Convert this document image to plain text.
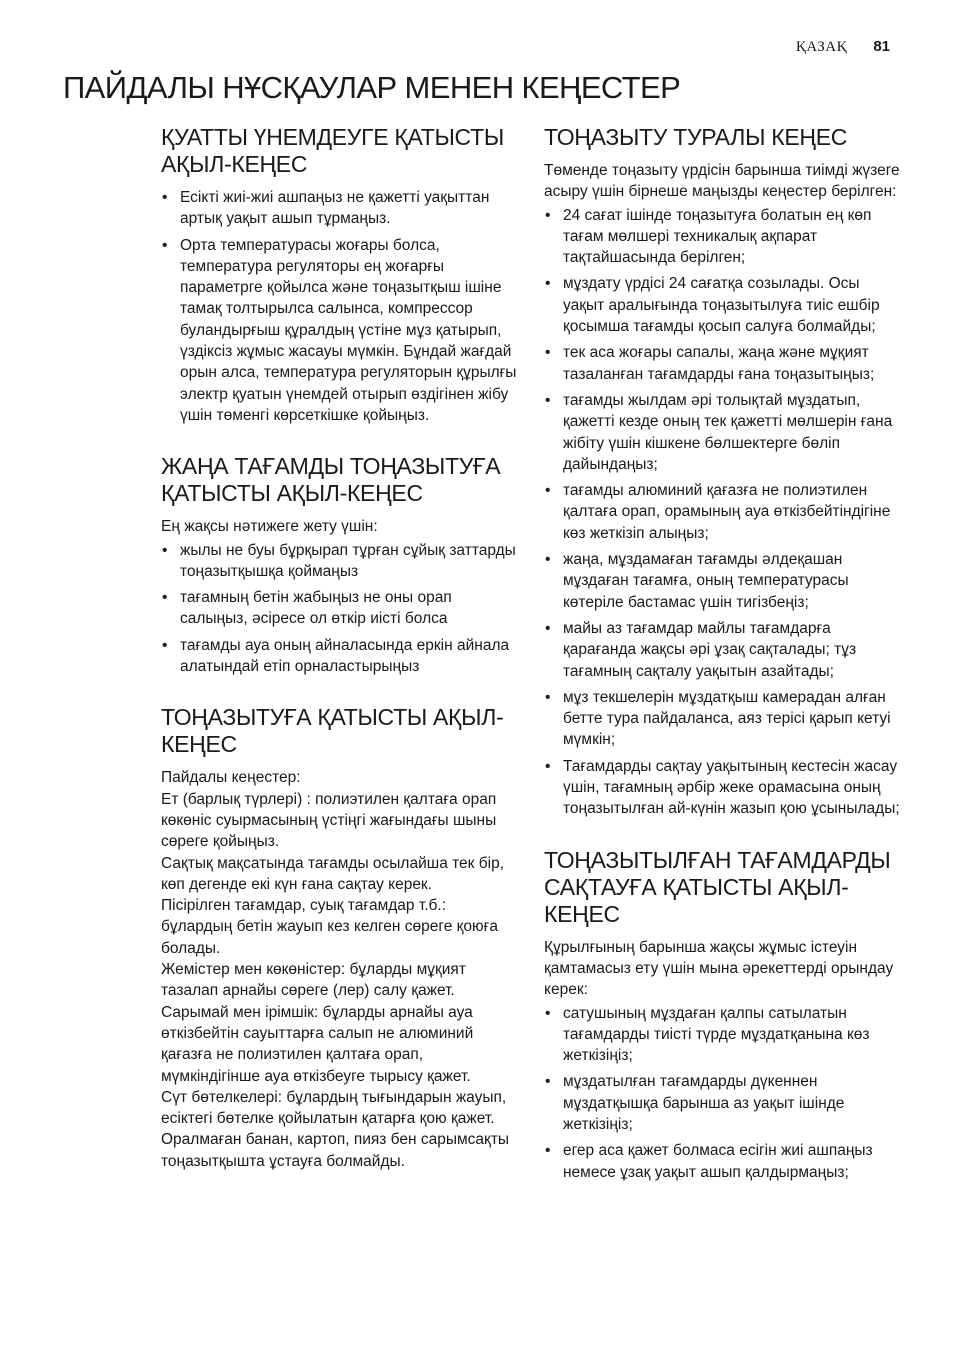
ҚАЗАҚ 81
ПАЙДАЛЫ НҰСҚАУЛАР МЕНЕН КЕҢЕСТЕР
ҚУАТТЫ ҮНЕМДЕУГЕ ҚАТЫСТЫ АҚЫЛ-КЕҢЕС
• Есікті жиі-жиі ашпаңыз не қажетті уақыттан артық уақыт ашып тұрмаңыз.
• Орта температурасы жоғары болса, температура регуляторы ең жоғарғы параметрге қойылса және тоңазытқыш ішіне тамақ толтырылса салынса, компрессор буландырғыш құралдың үстіне мұз қатырып, үздіксіз жұмыс жасауы мүмкін. Бұндай жағдай орын алса, температура регуляторын құрылғы электр қуатын үнемдей отырып өздігінен жібу үшін төменгі көрсеткішке қойыңыз.
ЖАҢА ТАҒАМДЫ ТОҢАЗЫТУҒА ҚАТЫСТЫ АҚЫЛ-КЕҢЕС

Ең жақсы нәтижеге жету үшін:

• жылы не буы бұрқырап тұрған сұйық заттарды тоңазытқышқа қоймаңыз
• тағамның бетін жабыңыз не оны орап салыңыз, әсіресе ол өткір иісті болса
• тағамды ауа оның айналасында еркін айнала алатындай етіп орналастырыңыз
ТОҢАЗЫТУҒА ҚАТЫСТЫ АҚЫЛ-КЕҢЕС

Пайдалы кеңестер:

Ет (барлық түрлері) : полиэтилен қалтаға орап көкөніс суырмасының үстіңгі жағындағы шыны сөреге қойыңыз.

Сақтық мақсатында тағамды осылайша тек бір, көп дегенде екі күн ғана сақтау керек.

Пісірілген тағамдар, суық тағамдар т.б.: бұлардың бетін жауып кез келген сөреге қоюға болады.

Жемістер мен көкөністер: бұларды мұқият тазалап арнайы сөреге (лер) салу қажет.

Сарымай мен ірімшік: бұларды арнайы ауа өткізбейтін сауыттарға салып не алюминий қағазға не полиэтилен қалтаға орап, мүмкіндігінше ауа өткізбеуге тырысу қажет.

Сүт бөтелкелері: бұлардың тығындарын жауып, есіктегі бөтелке қойылатын қатарға қою қажет.

Оралмаған банан, картоп, пияз бен сарымсақты тоңазытқышта ұстауға болмайды.

ТОҢАЗЫТУ ТУРАЛЫ КЕҢЕС

Төменде тоңазыту үрдісін барынша тиімді жүзеге асыру үшін бірнеше маңызды кеңестер берілген:

• 24 сағат ішінде тоңазытуға болатын ең көп тағам мөлшері техникалық ақпарат тақтайшасында берілген;
• мұздату үрдісі 24 сағатқа созылады. Осы уақыт аралығында тоңазытылуға тиіс ешбір қосымша тағамды қосып салуға болмайды;
• тек аса жоғары сапалы, жаңа және мұқият тазаланған тағамдарды ғана тоңазытыңыз;
• тағамды жылдам әрі толықтай мұздатып, қажетті кезде оның тек қажетті мөлшерін ғана жібіту үшін кішкене бөлшектерге бөліп дайындаңыз;
• тағамды алюминий қағазға не полиэтилен қалтаға орап, орамының ауа өткізбейтіндігіне көз жеткізіп алыңыз;
• жаңа, мұздамаған тағамды әлдеқашан мұздаған тағамға, оның температурасы көтеріле бастамас үшін тигізбеңіз;
• майы аз тағамдар майлы тағамдарға қарағанда жақсы әрі ұзақ сақталады; тұз тағамның сақталу уақытын азайтады;
• мұз текшелерін мұздатқыш камерадан алған бетте тура пайдаланса, аяз терісі қарып кетуі мүмкін;
• Тағамдарды сақтау уақытының кестесін жасау үшін, тағамның әрбір жеке орамасына оның тоңазытылған ай-күнін жазып қою ұсынылады;
ТОҢАЗЫТЫЛҒАН ТАҒАМДАРДЫ САҚТАУҒА ҚАТЫСТЫ АҚЫЛ-КЕҢЕС

Құрылғының барынша жақсы жұмыс істеуін қамтамасыз ету үшін мына әрекеттерді орындау керек:

• сатушының мұздаған қалпы сатылатын тағамдарды тиісті түрде мұздатқанына көз жеткізіңіз;
• мұздатылған тағамдарды дүкеннен мұздатқышқа барынша аз уақыт ішінде жеткізіңіз;
• егер аса қажет болмаса есігін жиі ашпаңыз немесе ұзақ уақыт ашып қалдырмаңыз;
